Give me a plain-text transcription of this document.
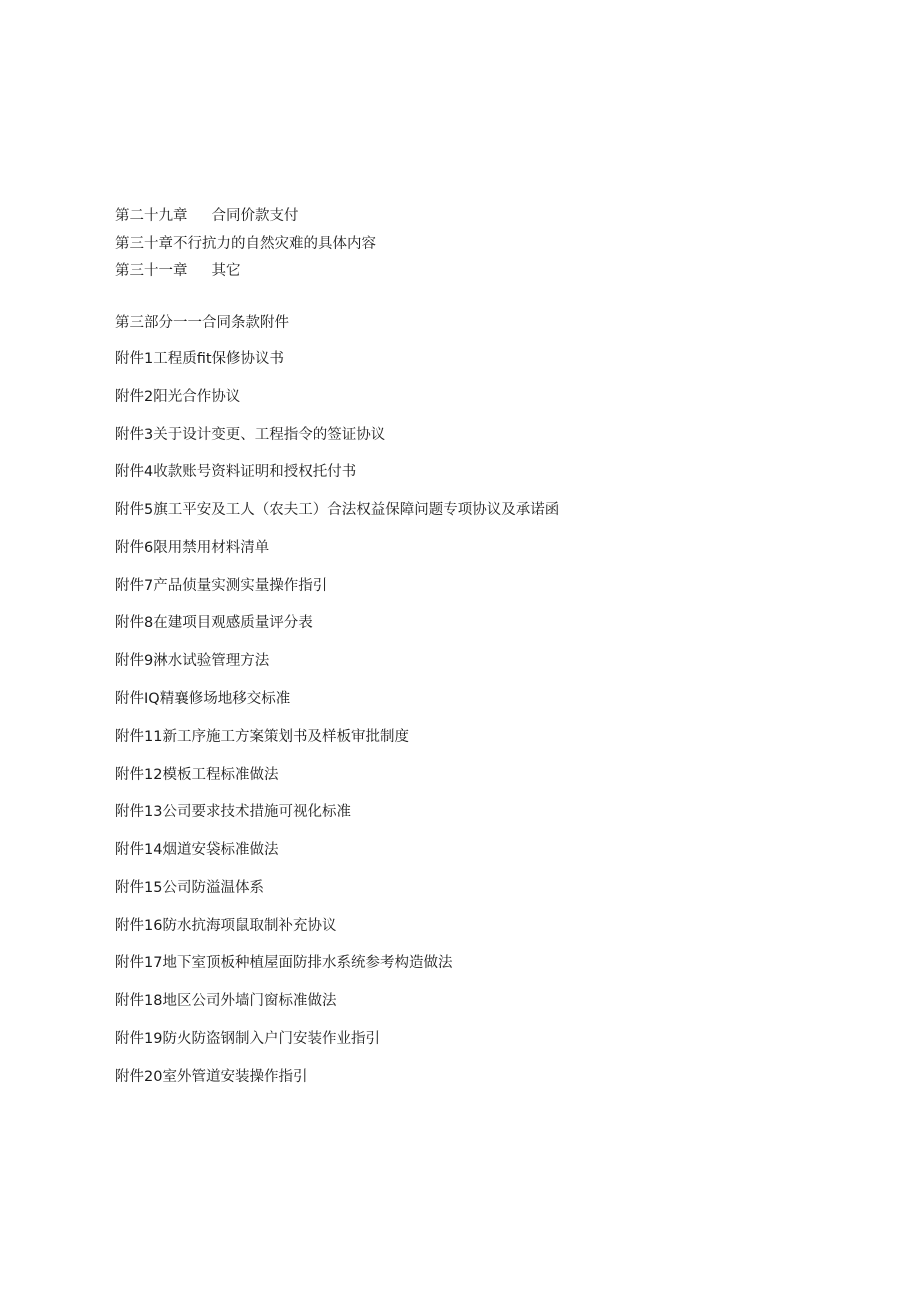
第二十九章 合同价款支付
第三十章不行抗力的自然灾难的具体内容
第三十一章 其它
第三部分一一合同条款附件
附件1工程质fit保修协议书
附件2阳光合作协议
附件3关于设计变更、工程指令的签证协议
附件4收款账号资料证明和授权托付书
附件5旗工平安及工人（农夫工）合法权益保障问题专项协议及承诺函
附件6限用禁用材料清单
附件7产品侦量实测实量操作指引
附件8在建项目观感质量评分表
附件9淋水试验管理方法
附件IQ精襄修场地移交标准
附件11新工序施工方案策划书及样板审批制度
附件12模板工程标准做法
附件13公司要求技术措施可视化标准
附件14烟道安袋标准做法
附件15公司防溢温体系
附件16防水抗海项鼠取制补充协议
附件17地下室顶板种植屋面防排水系统参考构造做法
附件18地区公司外墙门窗标准做法
附件19防火防盗钢制入户门安装作业指引
附件20室外管道安装操作指引
